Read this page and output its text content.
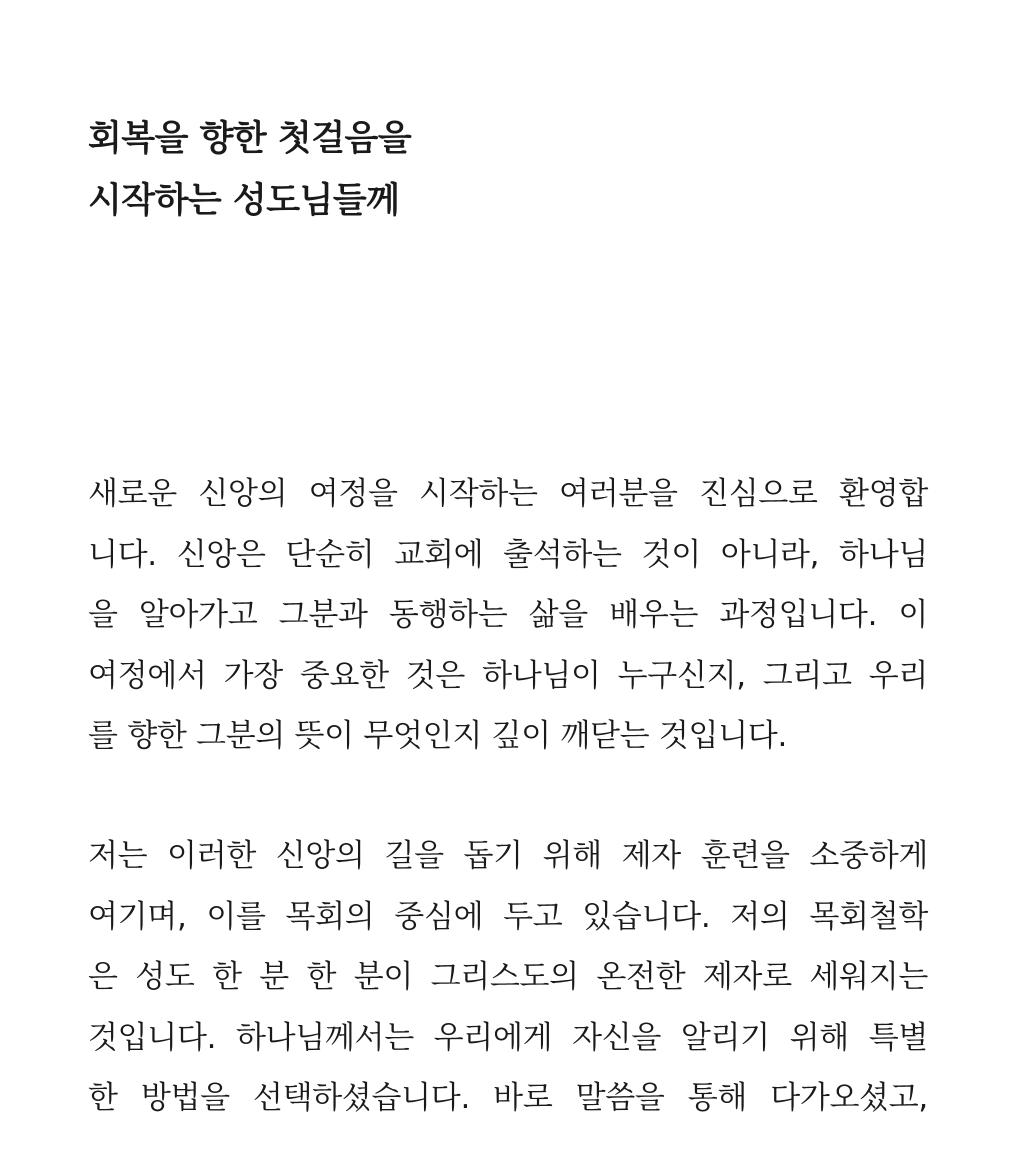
회복을 향한 첫걸음을
시작하는 성도님들께
새로운 신앙의 여정을 시작하는 여러분을 진심으로 환영합
니다. 신앙은 단순히 교회에 출석하는 것이 아니라, 하나님
을 알아가고 그분과 동행하는 삶을 배우는 과정입니다. 이
여정에서 가장 중요한 것은 하나님이 누구신지, 그리고 우리
를 향한 그분의 뜻이 무엇인지 깊이 깨닫는 것입니다.
저는 이러한 신앙의 길을 돕기 위해 제자 훈련을 소중하게
여기며, 이를 목회의 중심에 두고 있습니다. 저의 목회철학
은 성도 한 분 한 분이 그리스도의 온전한 제자로 세워지는
것입니다. 하나님께서는 우리에게 자신을 알리기 위해 특별
한 방법을 선택하셨습니다. 바로 말씀을 통해 다가오셨고,
